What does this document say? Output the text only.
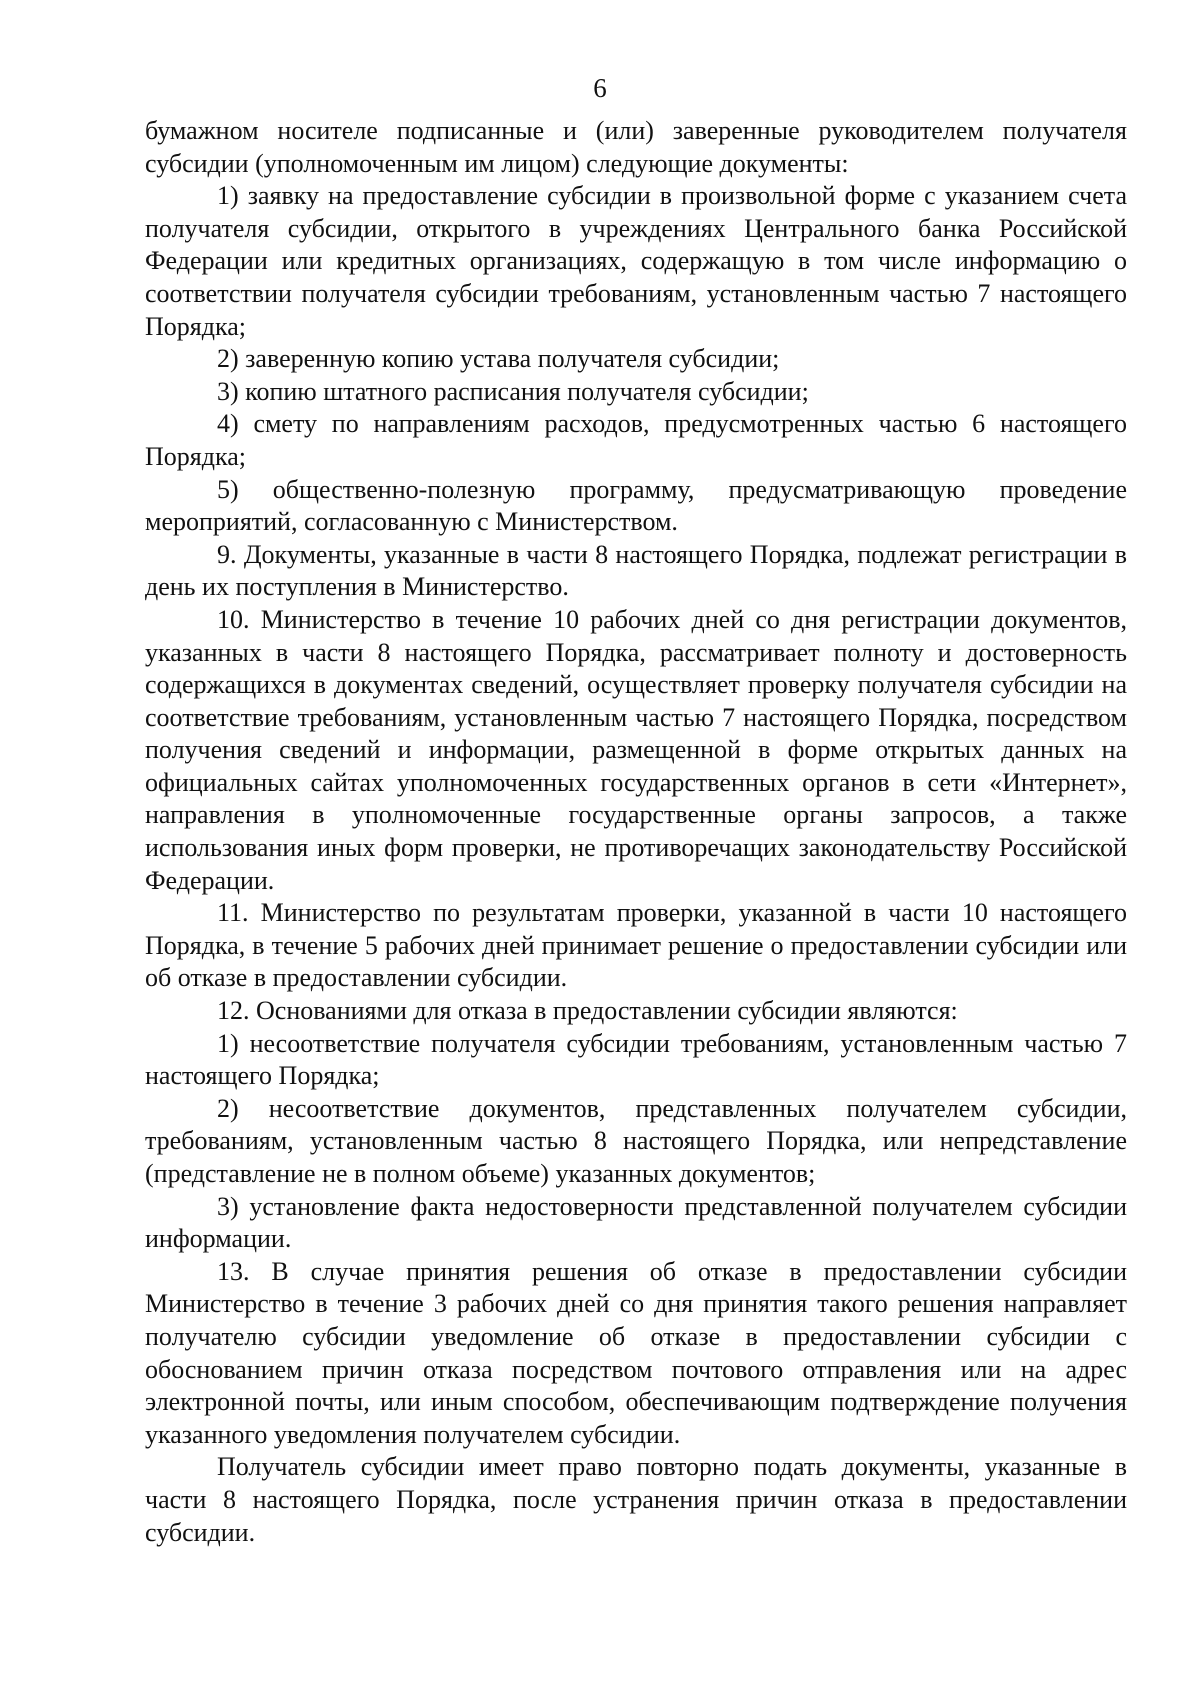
6

бумажном носителе подписанные и (или) заверенные руководителем получателя субсидии (уполномоченным им лицом) следующие документы:

1) заявку на предоставление субсидии в произвольной форме с указанием счета получателя субсидии, открытого в учреждениях Центрального банка Российской Федерации или кредитных организациях, содержащую в том числе информацию о соответствии получателя субсидии требованиям, установленным частью 7 настоящего Порядка;

2) заверенную копию устава получателя субсидии;

3) копию штатного расписания получателя субсидии;

4) смету по направлениям расходов, предусмотренных частью 6 настоящего Порядка;

5) общественно-полезную программу, предусматривающую проведение мероприятий, согласованную с Министерством.

9. Документы, указанные в части 8 настоящего Порядка, подлежат регистрации в день их поступления в Министерство.

10. Министерство в течение 10 рабочих дней со дня регистрации документов, указанных в части 8 настоящего Порядка, рассматривает полноту и достоверность содержащихся в документах сведений, осуществляет проверку получателя субсидии на соответствие требованиям, установленным частью 7 настоящего Порядка, посредством получения сведений и информации, размещенной в форме открытых данных на официальных сайтах уполномоченных государственных органов в сети «Интернет», направления в уполномоченные государственные органы запросов, а также использования иных форм проверки, не противоречащих законодательству Российской Федерации.

11. Министерство по результатам проверки, указанной в части 10 настоящего Порядка, в течение 5 рабочих дней принимает решение о предоставлении субсидии или об отказе в предоставлении субсидии.

12. Основаниями для отказа в предоставлении субсидии являются:

1) несоответствие получателя субсидии требованиям, установленным частью 7 настоящего Порядка;

2) несоответствие документов, представленных получателем субсидии, требованиям, установленным частью 8 настоящего Порядка, или непредставление (представление не в полном объеме) указанных документов;

3) установление факта недостоверности представленной получателем субсидии информации.

13. В случае принятия решения об отказе в предоставлении субсидии Министерство в течение 3 рабочих дней со дня принятия такого решения направляет получателю субсидии уведомление об отказе в предоставлении субсидии с обоснованием причин отказа посредством почтового отправления или на адрес электронной почты, или иным способом, обеспечивающим подтверждение получения указанного уведомления получателем субсидии.

Получатель субсидии имеет право повторно подать документы, указанные в части 8 настоящего Порядка, после устранения причин отказа в предоставлении субсидии.
